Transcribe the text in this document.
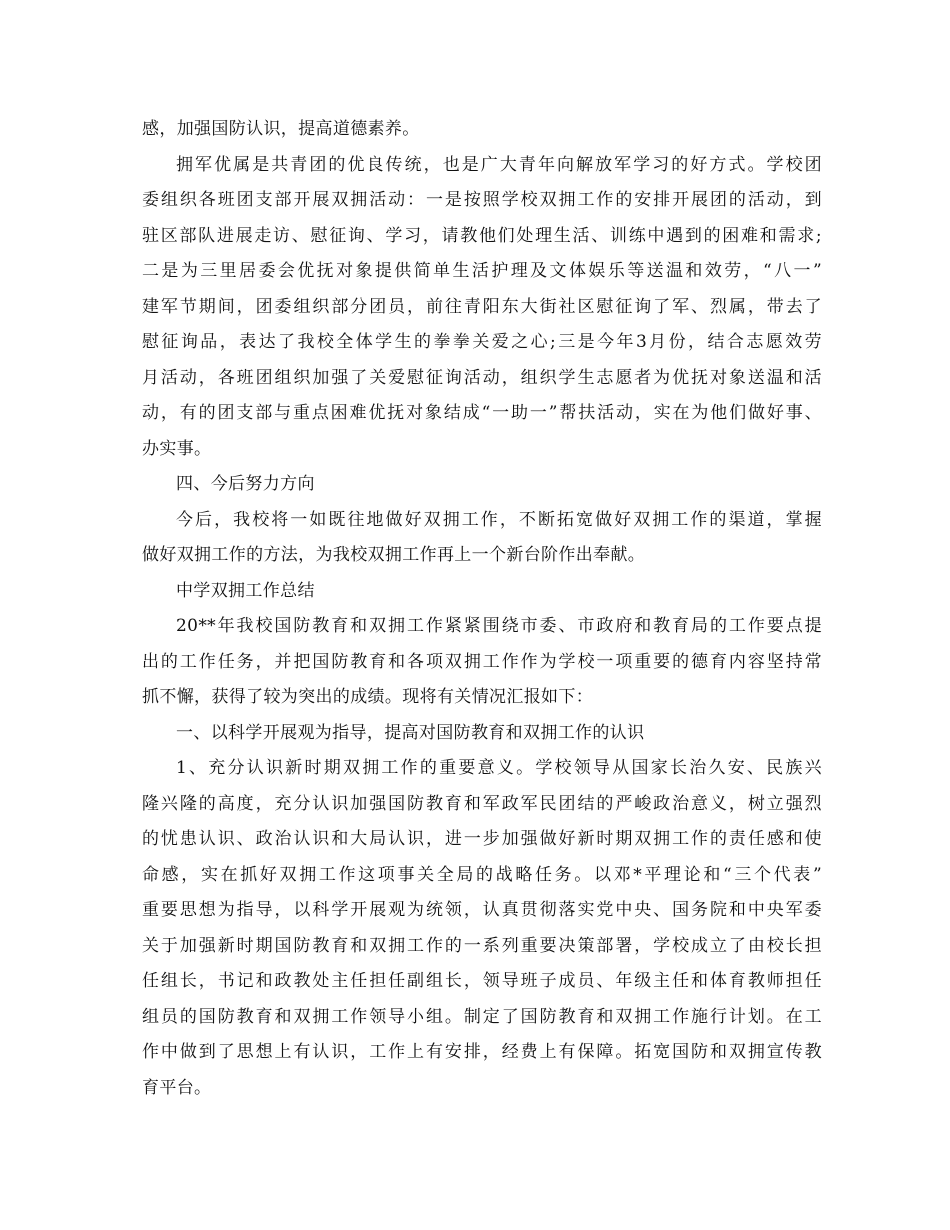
感，加强国防认识，提高道德素养。
拥军优属是共青团的优良传统，也是广大青年向解放军学习的好方式。学校团
委组织各班团支部开展双拥活动：一是按照学校双拥工作的安排开展团的活动，到
驻区部队进展走访、慰征询、学习，请教他们处理生活、训练中遇到的困难和需求;
二是为三里居委会优抚对象提供简单生活护理及文体娱乐等送温和效劳，“八一”
建军节期间，团委组织部分团员，前往青阳东大街社区慰征询了军、烈属，带去了
慰征询品，表达了我校全体学生的拳拳关爱之心;三是今年3月份，结合志愿效劳
月活动，各班团组织加强了关爱慰征询活动，组织学生志愿者为优抚对象送温和活
动，有的团支部与重点困难优抚对象结成“一助一”帮扶活动，实在为他们做好事、
办实事。
四、今后努力方向
今后，我校将一如既往地做好双拥工作，不断拓宽做好双拥工作的渠道，掌握
做好双拥工作的方法，为我校双拥工作再上一个新台阶作出奉献。
中学双拥工作总结
20**年我校国防教育和双拥工作紧紧围绕市委、市政府和教育局的工作要点提
出的工作任务，并把国防教育和各项双拥工作作为学校一项重要的德育内容坚持常
抓不懈，获得了较为突出的成绩。现将有关情况汇报如下：
一、以科学开展观为指导，提高对国防教育和双拥工作的认识
1、充分认识新时期双拥工作的重要意义。学校领导从国家长治久安、民族兴
隆兴隆的高度，充分认识加强国防教育和军政军民团结的严峻政治意义，树立强烈
的忧患认识、政治认识和大局认识，进一步加强做好新时期双拥工作的责任感和使
命感，实在抓好双拥工作这项事关全局的战略任务。以邓*平理论和“三个代表”
重要思想为指导，以科学开展观为统领，认真贯彻落实党中央、国务院和中央军委
关于加强新时期国防教育和双拥工作的一系列重要决策部署，学校成立了由校长担
任组长，书记和政教处主任担任副组长，领导班子成员、年级主任和体育教师担任
组员的国防教育和双拥工作领导小组。制定了国防教育和双拥工作施行计划。在工
作中做到了思想上有认识，工作上有安排，经费上有保障。拓宽国防和双拥宣传教
育平台。
